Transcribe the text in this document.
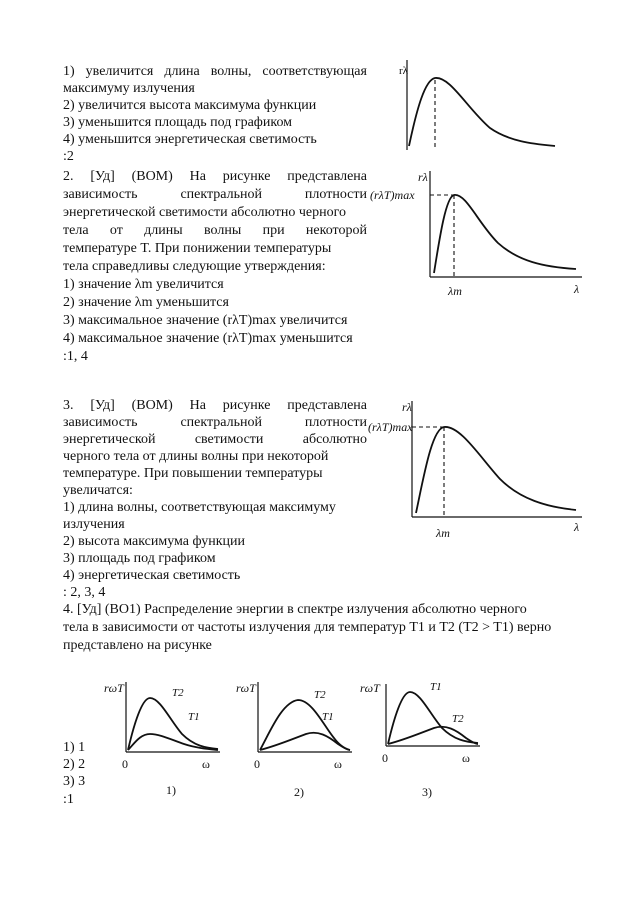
1) увеличится длина волны, соответствующая
максимуму излучения
2) увеличится высота максимума функции
3) уменьшится площадь под графиком
4) уменьшится энергетическая светимость
:2
rλ
2. [Уд] (ВОМ) На рисунке представлена
зависимость	спектральной	плотности
энергетической светимости абсолютно черного
тела от длины волны при некоторой
температуре T. При понижении температуры
тела справедливы следующие утверждения:
1) значение λm увеличится
2) значение λm уменьшится
3) максимальное значение (rλT)max увеличится
4) максимальное значение (rλT)max уменьшится
:1, 4
rλ
(rλT)max
λm	λ
3. [Уд] (ВОМ) На рисунке представлена
зависимость	спектральной	плотности
энергетической	светимости	абсолютно
черного тела от длины волны при некоторой
температуре. При повышении температуры
увеличатся:
1) длина волны, соответствующая максимуму
излучения
2) высота максимума функции
3) площадь под графиком
4) энергетическая светимость
: 2, 3, 4
rλ
(rλT)max
λm	λ
4. [Уд] (ВО1) Распределение энергии в спектре излучения абсолютно черного
тела в зависимости от частоты излучения для температур T1 и T2 (T2 > T1) верно
представлено на рисунке
1) 1
2) 2
3) 3
:1
rωT	T2
T1
0	ω
1)
rωT	T2
T1
0	ω
2)
rωT	T1
T2
0	ω
3)
